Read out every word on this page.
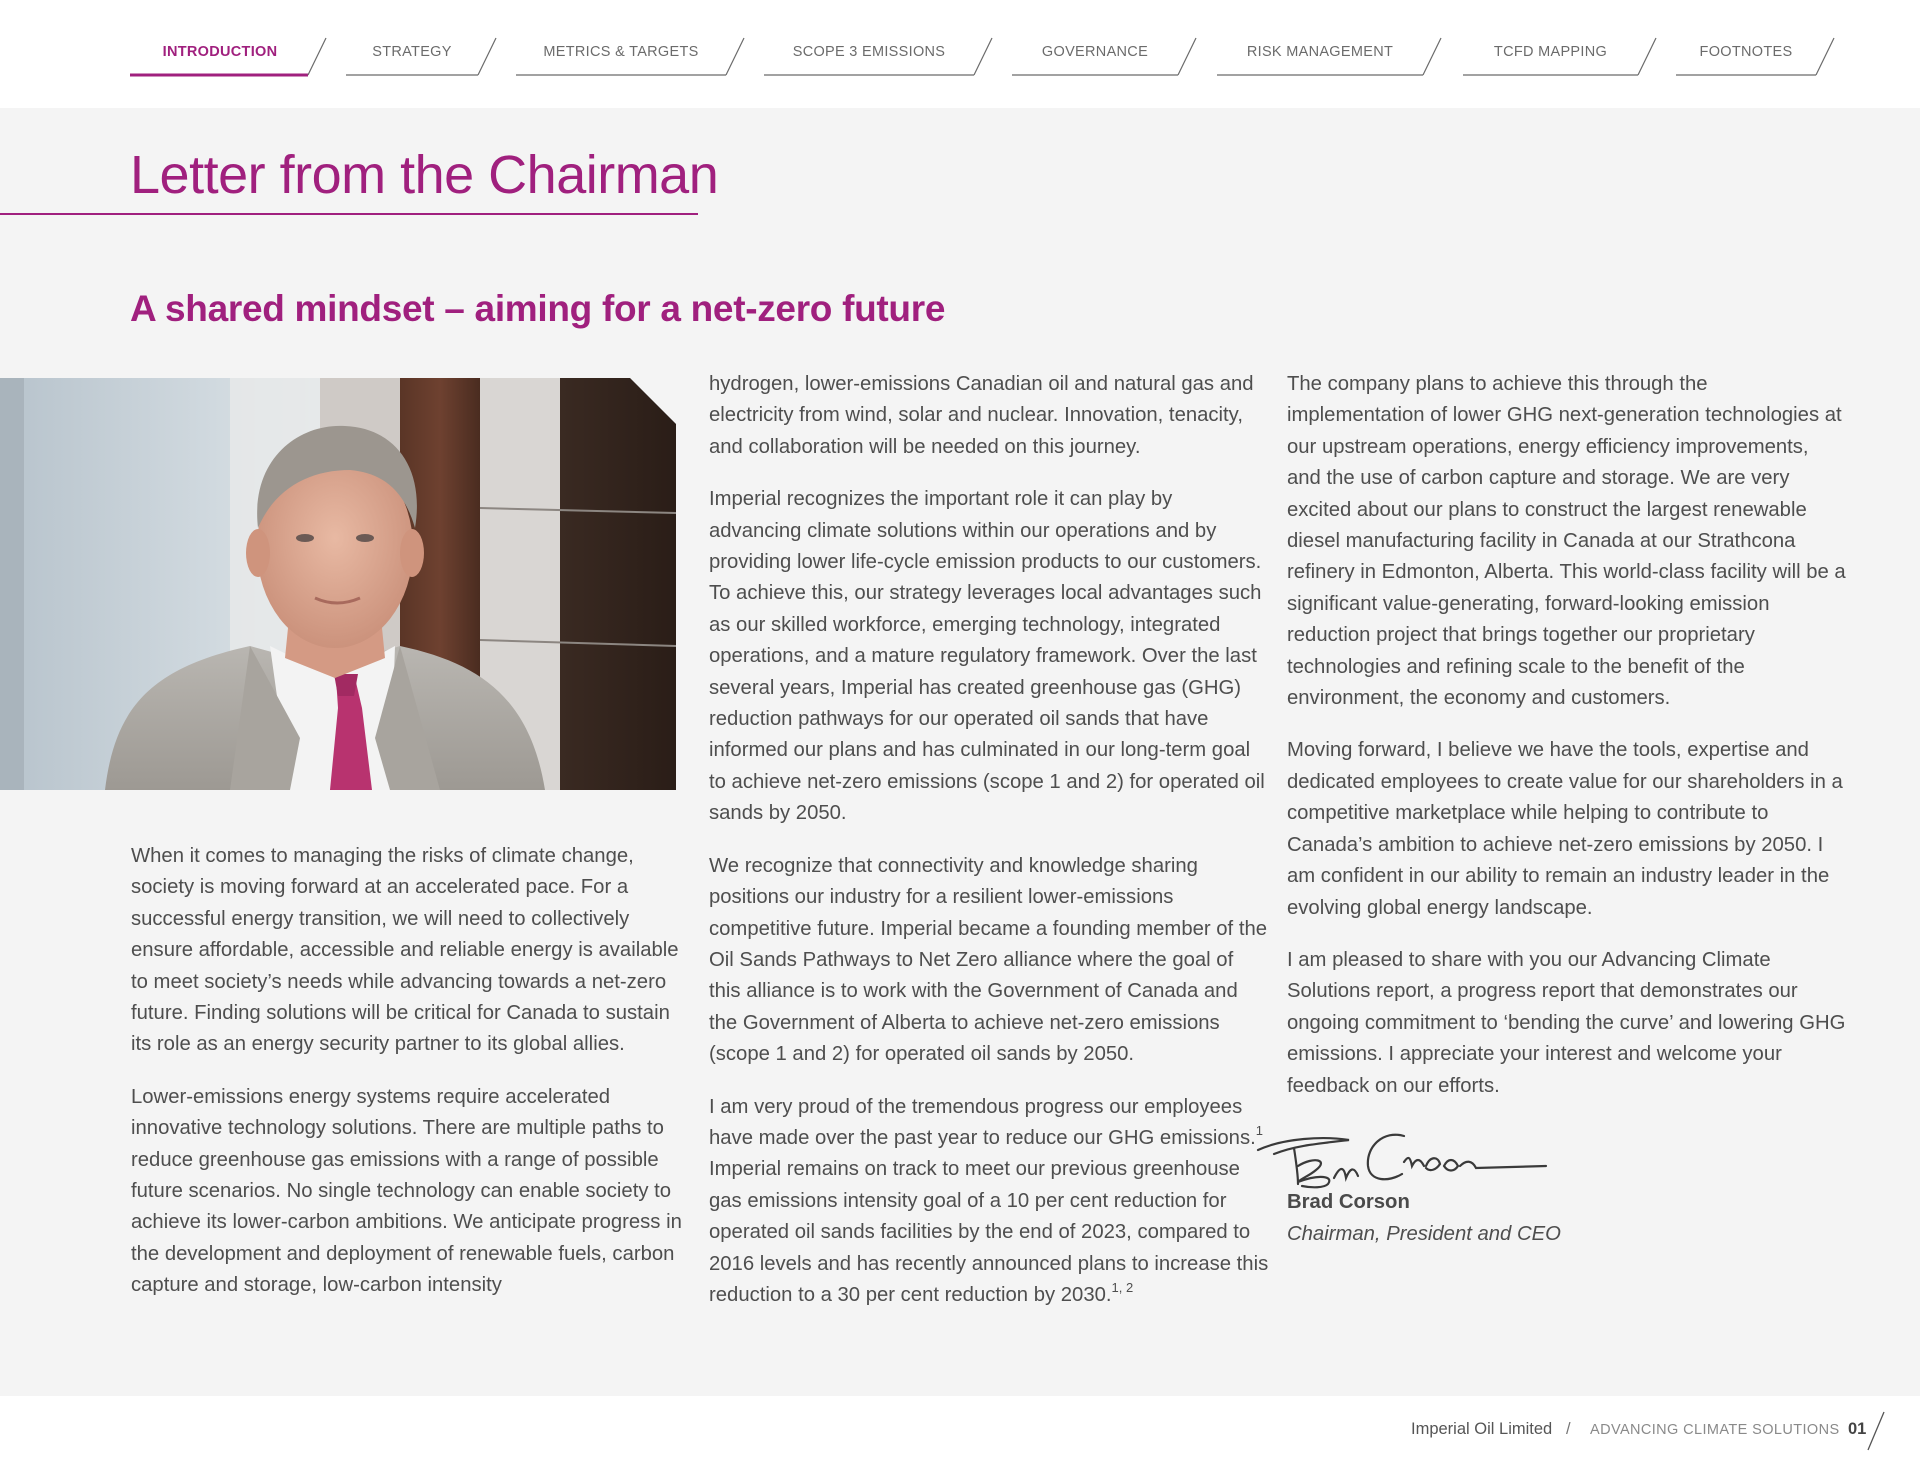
INTRODUCTION	STRATEGY	METRICS & TARGETS	SCOPE 3 EMISSIONS	GOVERNANCE	RISK MANAGEMENT	TCFD MAPPING	FOOTNOTES
Letter from the Chairman
A shared mindset – aiming for a net-zero future

When it comes to managing the risks of climate change, society is moving forward at an accelerated pace. For a successful energy transition, we will need to collectively ensure affordable, accessible and reliable energy is available to meet society’s needs while advancing towards a net-zero future. Finding solutions will be critical for Canada to sustain its role as an energy security partner to its global allies.

Lower-emissions energy systems require accelerated innovative technology solutions. There are multiple paths to reduce greenhouse gas emissions with a range of possible future scenarios. No single technology can enable society to achieve its lower-carbon ambitions. We anticipate progress in the development and deployment of renewable fuels, carbon capture and storage, low-carbon intensity

hydrogen, lower-emissions Canadian oil and natural gas and electricity from wind, solar and nuclear. Innovation, tenacity, and collaboration will be needed on this journey.

Imperial recognizes the important role it can play by advancing climate solutions within our operations and by providing lower life-cycle emission products to our customers. To achieve this, our strategy leverages local advantages such as our skilled workforce, emerging technology, integrated operations, and a mature regulatory framework. Over the last several years, Imperial has created greenhouse gas (GHG) reduction pathways for our operated oil sands that have informed our plans and has culminated in our long-term goal to achieve net-zero emissions (scope 1 and 2) for operated oil sands by 2050.

We recognize that connectivity and knowledge sharing positions our industry for a resilient lower-emissions competitive future. Imperial became a founding member of the Oil Sands Pathways to Net Zero alliance where the goal of this alliance is to work with the Government of Canada and the Government of Alberta to achieve net-zero emissions (scope 1 and 2) for operated oil sands by 2050.

I am very proud of the tremendous progress our employees have made over the past year to reduce our GHG emissions.$^1$ Imperial remains on track to meet our previous greenhouse gas emissions intensity goal of a 10 per cent reduction for operated oil sands facilities by the end of 2023, compared to 2016 levels and has recently announced plans to increase this reduction to a 30 per cent reduction by 2030.$^{1, 2}$

The company plans to achieve this through the implementation of lower GHG next-generation technologies at our upstream operations, energy efficiency improvements, and the use of carbon capture and storage. We are very excited about our plans to construct the largest renewable diesel manufacturing facility in Canada at our Strathcona refinery in Edmonton, Alberta. This world-class facility will be a significant value-generating, forward-looking emission reduction project that brings together our proprietary technologies and refining scale to the benefit of the environment, the economy and customers.

Moving forward, I believe we have the tools, expertise and dedicated employees to create value for our shareholders in a competitive marketplace while helping to contribute to Canada’s ambition to achieve net-zero emissions by 2050. I am confident in our ability to remain an industry leader in the evolving global energy landscape.

I am pleased to share with you our Advancing Climate Solutions report, a progress report that demonstrates our ongoing commitment to ‘bending the curve’ and lowering GHG emissions. I appreciate your interest and welcome your feedback on our efforts.

Brad Corson
Chairman, President and CEO
Imperial Oil Limited / ADVANCING CLIMATE SOLUTIONS 01
